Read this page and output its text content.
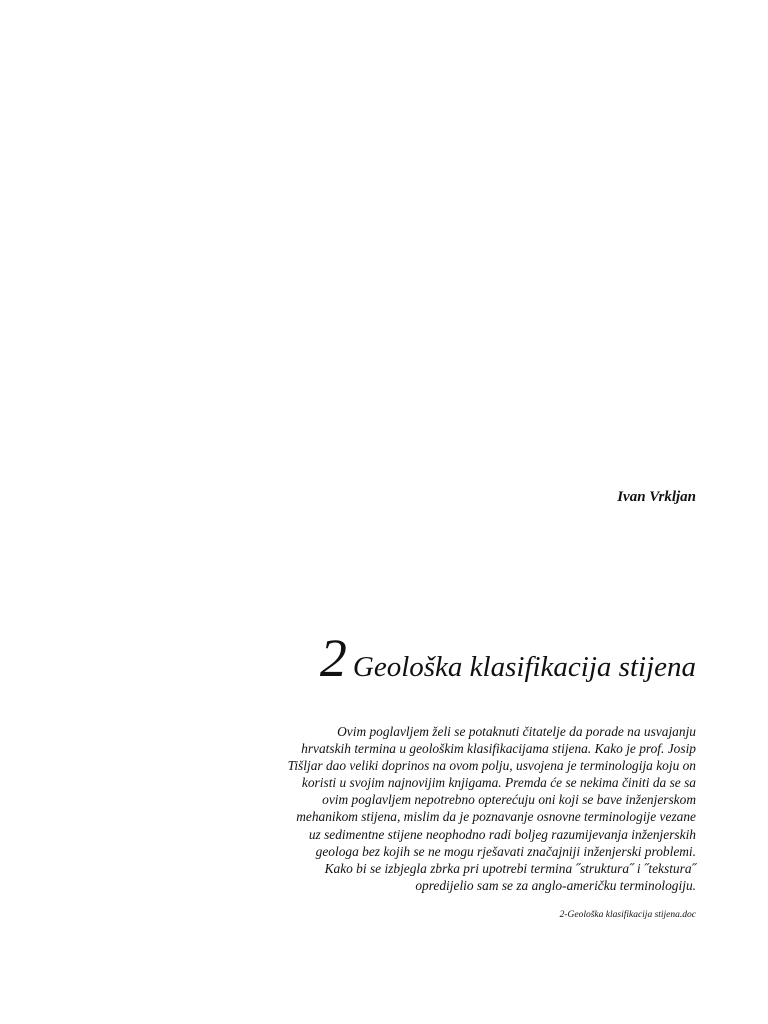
Ivan Vrkljan
2 Geološka klasifikacija stijena
Ovim poglavljem želi se potaknuti čitatelje da porade na usvajanju
hrvatskih termina u geološkim klasifikacijama stijena. Kako je prof. Josip
Tišljar dao veliki doprinos na ovom polju, usvojena je terminologija koju on
koristi u svojim najnovijim knjigama. Premda će se nekima činiti da se sa
ovim poglavljem nepotrebno opterećuju oni koji se bave inženjerskom
mehanikom stijena, mislim da je poznavanje osnovne terminologije vezane
uz sedimentne stijene neophodno radi boljeg razumijevanja inženjerskih
geologa bez kojih se ne mogu rješavati značajniji inženjerski problemi.
Kako bi se izbjegla zbrka pri upotrebi termina ˝struktura˝ i ˝tekstura˝
opredijelio sam se za anglo-američku terminologiju.
2-Geološka klasifikacija stijena.doc
